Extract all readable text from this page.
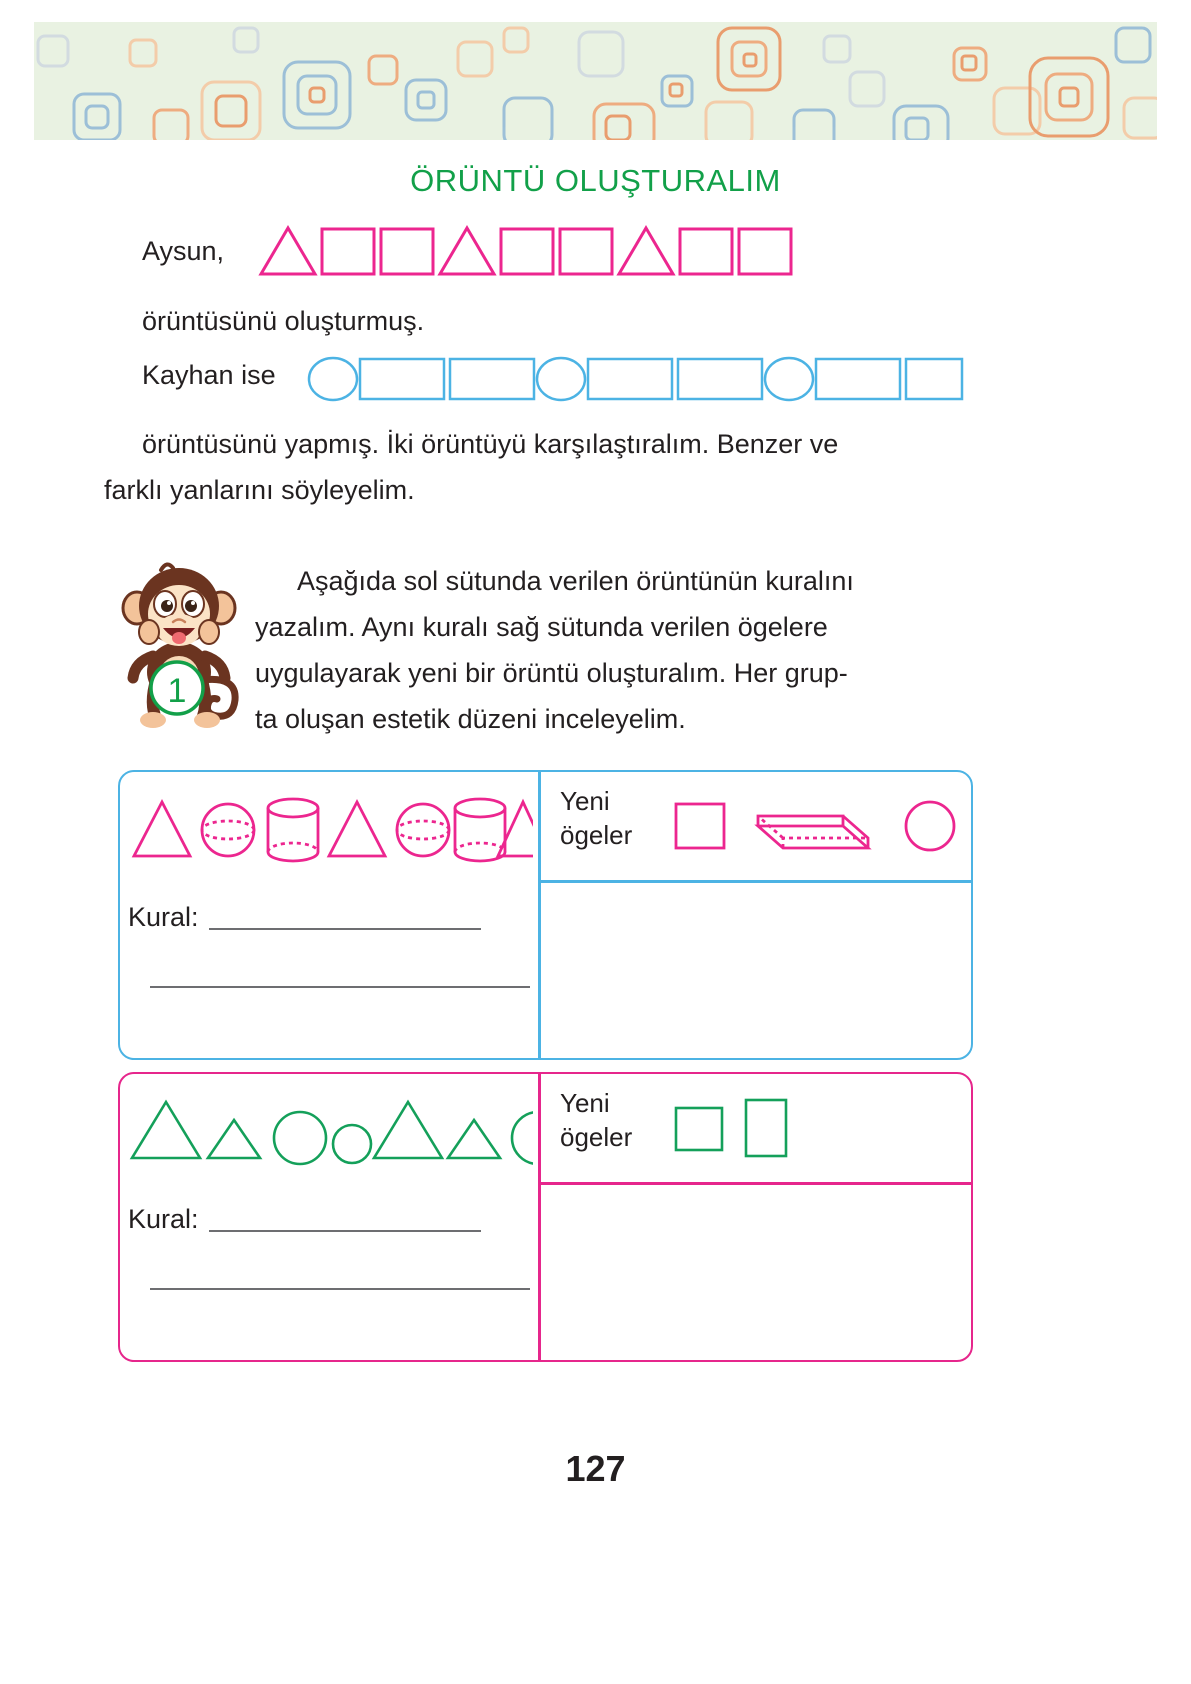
ÖRÜNTÜ OLUŞTURALIM
Aysun,
örüntüsünü oluşturmuş.
Kayhan ise

örüntüsünü yapmış. İki örüntüyü karşılaştıralım. Benzer ve

farklı yanlarını söyleyelim.

1
Aşağıda sol sütunda verilen örüntünün kuralını
yazalım. Aynı kuralı sağ sütunda verilen ögelere
uygulayarak yeni bir örüntü oluşturalım. Her grup-
ta oluşan estetik düzeni inceleyelim.
Yeni
ögeler
Kural:
Yeni
ögeler
Kural:
127
